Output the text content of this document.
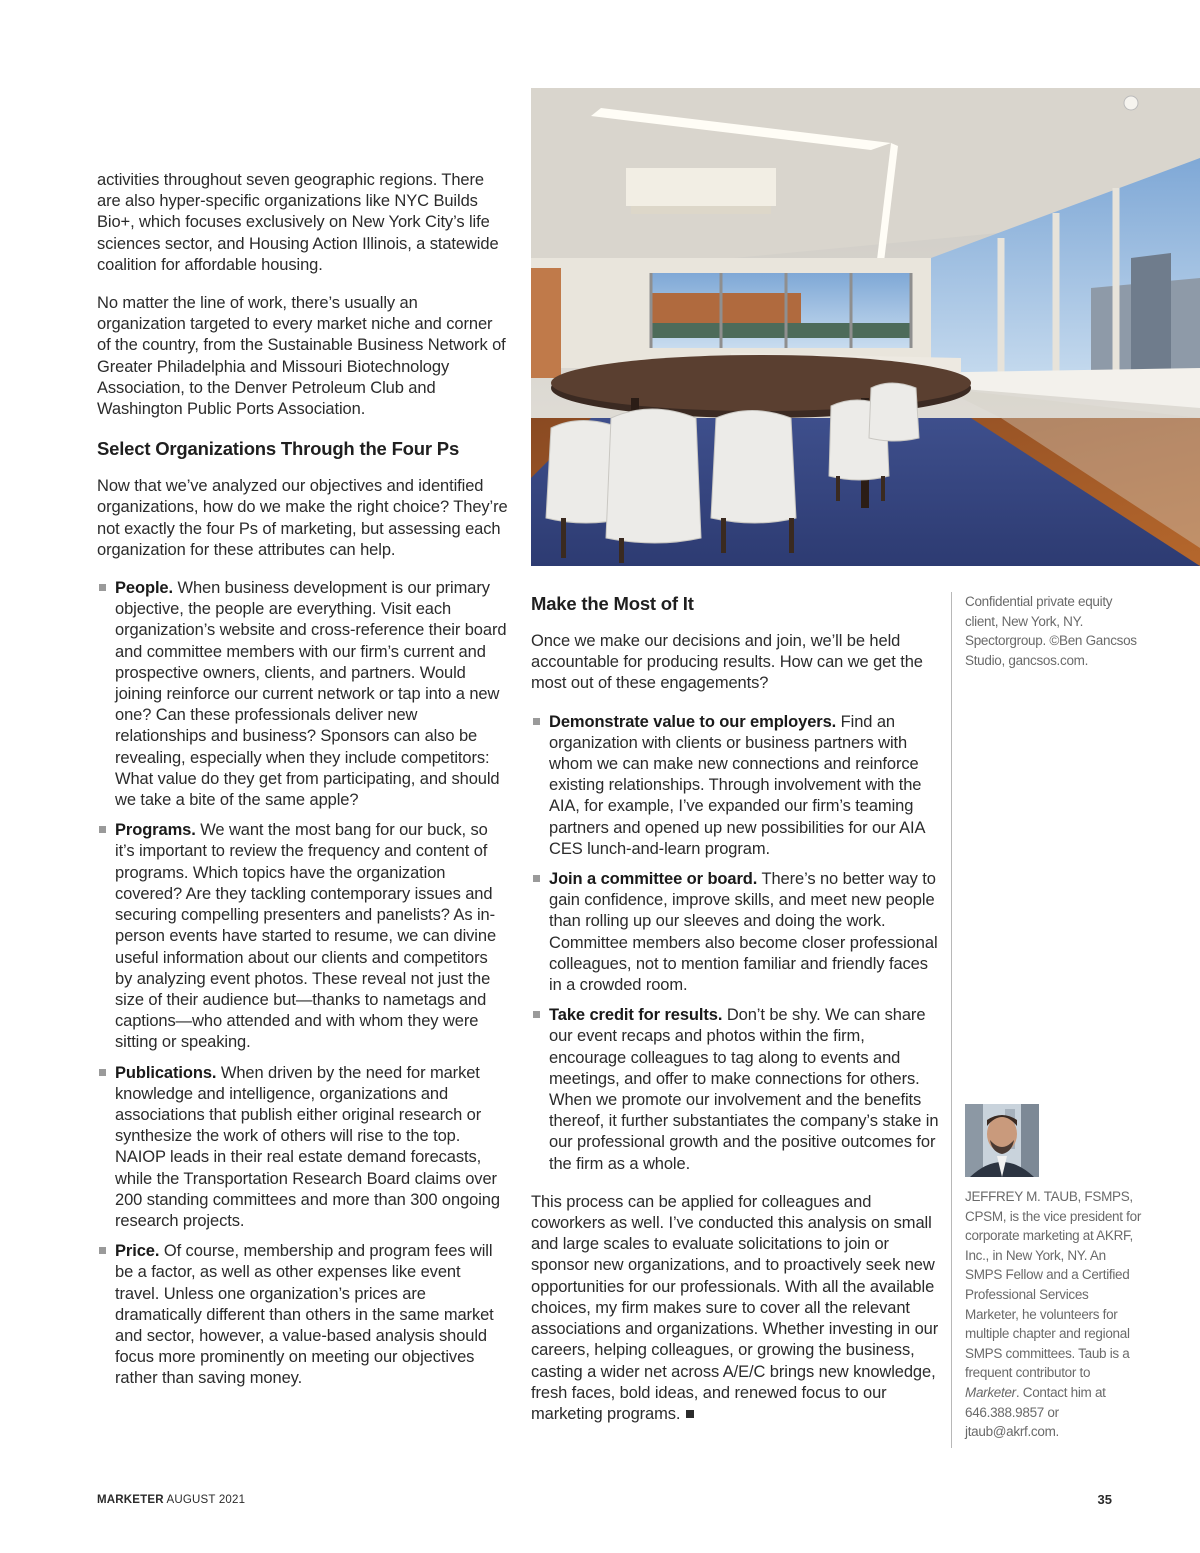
activities throughout seven geographic regions. There are also hyper-specific organizations like NYC Builds Bio+, which focuses exclusively on New York City’s life sciences sector, and Housing Action Illinois, a statewide coalition for affordable housing.

No matter the line of work, there’s usually an organization targeted to every market niche and corner of the country, from the Sustainable Business Network of Greater Philadelphia and Missouri Biotechnology Association, to the Denver Petroleum Club and Washington Public Ports Association.

Select Organizations Through the Four Ps

Now that we’ve analyzed our objectives and identified organizations, how do we make the right choice? They’re not exactly the four Ps of marketing, but assessing each organization for these attributes can help.

People. When business development is our primary objective, the people are everything. Visit each organization’s website and cross-reference their board and committee members with our firm’s current and prospective owners, clients, and partners. Would joining reinforce our current network or tap into a new one? Can these professionals deliver new relationships and business? Sponsors can also be revealing, especially when they include competitors: What value do they get from participating, and should we take a bite of the same apple?
Programs. We want the most bang for our buck, so it’s important to review the frequency and content of programs. Which topics have the organization covered? Are they tackling contemporary issues and securing compelling presenters and panelists? As in-person events have started to resume, we can divine useful information about our clients and competitors by analyzing event photos. These reveal not just the size of their audience but—thanks to nametags and captions—who attended and with whom they were sitting or speaking.
Publications. When driven by the need for market knowledge and intelligence, organizations and associations that publish either original research or synthesize the work of others will rise to the top. NAIOP leads in their real estate demand forecasts, while the Transportation Research Board claims over 200 standing committees and more than 300 ongoing research projects.
Price. Of course, membership and program fees will be a factor, as well as other expenses like event travel. Unless one organization’s prices are dramatically different than others in the same market and sector, however, a value-based analysis should focus more prominently on meeting our objectives rather than saving money.
Make the Most of It

Once we make our decisions and join, we’ll be held accountable for producing results. How can we get the most out of these engagements?

Demonstrate value to our employers. Find an organization with clients or business partners with whom we can make new connections and reinforce existing relationships. Through involvement with the AIA, for example, I’ve expanded our firm’s teaming partners and opened up new possibilities for our AIA CES lunch-and-learn program.
Join a committee or board. There’s no better way to gain confidence, improve skills, and meet new people than rolling up our sleeves and doing the work. Committee members also become closer professional colleagues, not to mention familiar and friendly faces in a crowded room.
Take credit for results. Don’t be shy. We can share our event recaps and photos within the firm, encourage colleagues to tag along to events and meetings, and offer to make connections for others. When we promote our involvement and the benefits thereof, it further substantiates the company’s stake in our professional growth and the positive outcomes for the firm as a whole.

This process can be applied for colleagues and coworkers as well. I’ve conducted this analysis on small and large scales to evaluate solicitations to join or sponsor new organizations, and to proactively seek new opportunities for our professionals. With all the available choices, my firm makes sure to cover all the relevant associations and organizations. Whether investing in our careers, helping colleagues, or growing the business, casting a wider net across A/E/C brings new knowledge, fresh faces, bold ideas, and renewed focus to our marketing programs.

Confidential private equity client, New York, NY. Spectorgroup. ©Ben Gancsos Studio, gancsos.com.
JEFFREY M. TAUB, FSMPS, CPSM, is the vice president for corporate marketing at AKRF, Inc., in New York, NY. An SMPS Fellow and a Certified Professional Services Marketer, he volunteers for multiple chapter and regional SMPS committees. Taub is a frequent contributor to Marketer. Contact him at 646.388.9857 or jtaub@akrf.com.
MARKETER AUGUST 2021	35
